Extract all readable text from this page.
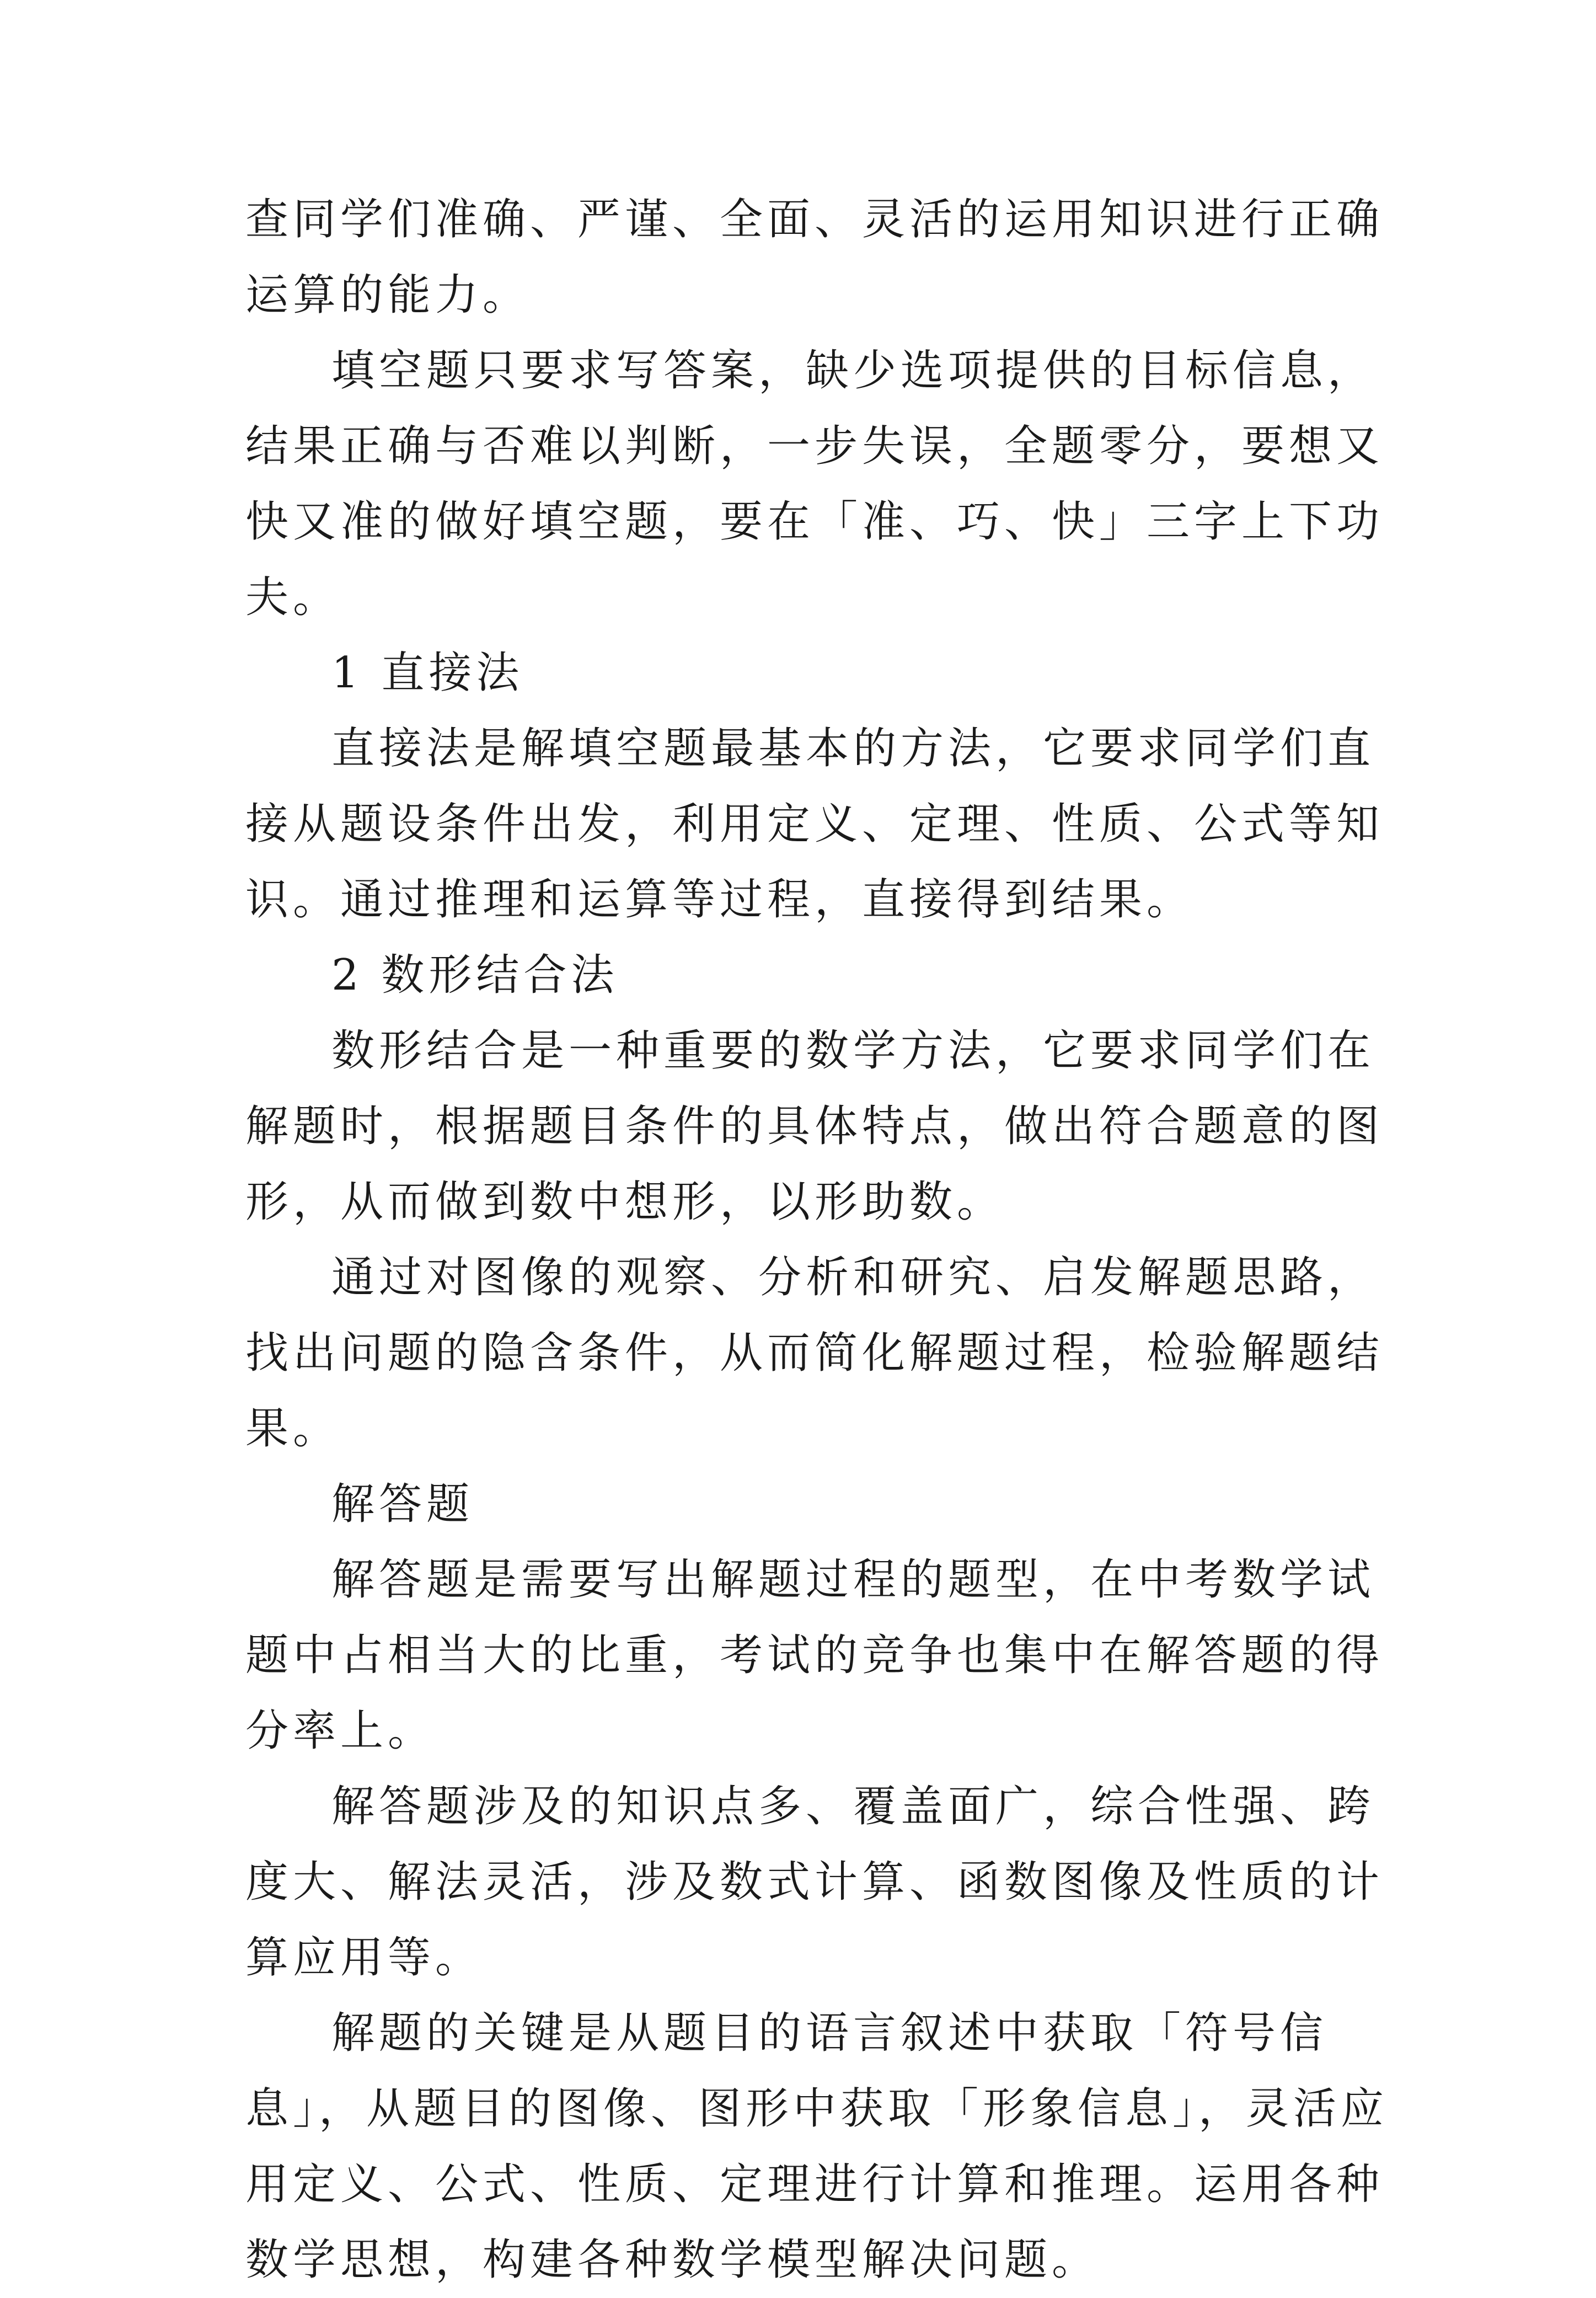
查同学们准确、严谨、全面、灵活的运用知识进行正确运算的能力。

填空题只要求写答案，缺少选项提供的目标信息，结果正确与否难以判断，一步失误，全题零分，要想又快又准的做好填空题，要在「准、巧、快」三字上下功夫。

1 直接法

直接法是解填空题最基本的方法，它要求同学们直接从题设条件出发，利用定义、定理、性质、公式等知识。通过推理和运算等过程，直接得到结果。

2 数形结合法

数形结合是一种重要的数学方法，它要求同学们在解题时，根据题目条件的具体特点，做出符合题意的图形，从而做到数中想形，以形助数。

通过对图像的观察、分析和研究、启发解题思路，找出问题的隐含条件，从而简化解题过程，检验解题结果。

解答题

解答题是需要写出解题过程的题型，在中考数学试题中占相当大的比重，考试的竞争也集中在解答题的得分率上。

解答题涉及的知识点多、覆盖面广，综合性强、跨度大、解法灵活，涉及数式计算、函数图像及性质的计算应用等。

解题的关键是从题目的语言叙述中获取「符号信息」，从题目的图像、图形中获取「形象信息」，灵活应用定义、公式、性质、定理进行计算和推理。运用各种数学思想，构建各种数学模型解决问题。
